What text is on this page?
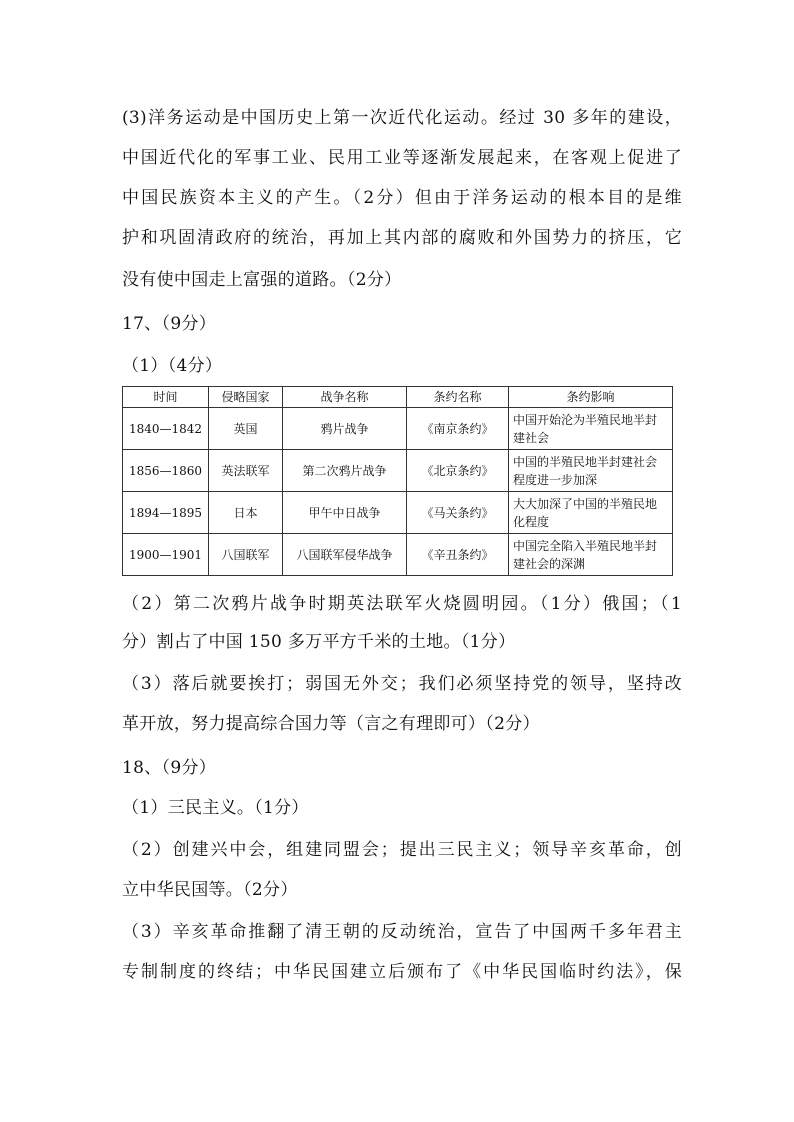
(3)洋务运动是中国历史上第一次近代化运动。经过 30 多年的建设，
中国近代化的军事工业、民用工业等逐渐发展起来，在客观上促进了
中国民族资本主义的产生。（2分）但由于洋务运动的根本目的是维
护和巩固清政府的统治，再加上其内部的腐败和外国势力的挤压，它
没有使中国走上富强的道路。（2分）
17、（9分）
（1）（4分）
时间	侵略国家	战争名称	条约名称	条约影响
1840—1842	英国	鸦片战争	《南京条约》	中国开始沦为半殖民地半封建社会
1856—1860	英法联军	第二次鸦片战争	《北京条约》	中国的半殖民地半封建社会程度进一步加深
1894—1895	日本	甲午中日战争	《马关条约》	大大加深了中国的半殖民地化程度
1900—1901	八国联军	八国联军侵华战争	《辛丑条约》	中国完全陷入半殖民地半封建社会的深渊
（2）第二次鸦片战争时期英法联军火烧圆明园。（1分）俄国；（1
分）割占了中国 150 多万平方千米的土地。（1分）
（3）落后就要挨打；弱国无外交；我们必须坚持党的领导，坚持改
革开放，努力提高综合国力等（言之有理即可）（2分）
18、（9分）
（1）三民主义。（1分）
（2）创建兴中会，组建同盟会；提出三民主义；领导辛亥革命，创
立中华民国等。（2分）
（3）辛亥革命推翻了清王朝的反动统治，宣告了中国两千多年君主
专制制度的终结；中华民国建立后颁布了《中华民国临时约法》，保
